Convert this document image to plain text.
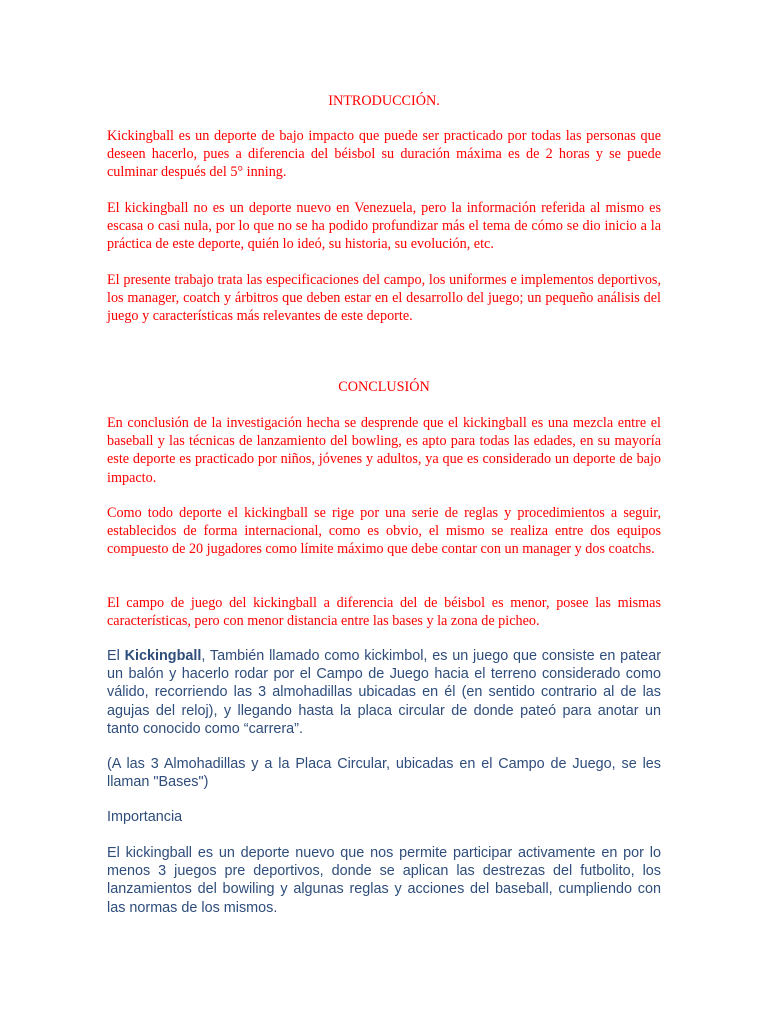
INTRODUCCIÓN.

Kickingball es un deporte de bajo impacto que puede ser practicado por todas las personas que deseen hacerlo, pues a diferencia del béisbol su duración máxima es de 2 horas y se puede culminar después del 5° inning.

El kickingball no es un deporte nuevo en Venezuela, pero la información referida al mismo es escasa o casi nula, por lo que no se ha podido profundizar más el tema de cómo se dio inicio a la práctica de este deporte, quién lo ideó, su historia, su evolución, etc.

El presente trabajo trata las especificaciones del campo, los uniformes e implementos deportivos, los manager, coatch y árbitros que deben estar en el desarrollo del juego; un pequeño análisis del juego y características más relevantes de este deporte.

CONCLUSIÓN

En conclusión de la investigación hecha se desprende que el kickingball es una mezcla entre el baseball y las técnicas de lanzamiento del bowling, es apto para todas las edades, en su mayoría este deporte es practicado por niños, jóvenes y adultos, ya que es considerado un deporte de bajo impacto.

Como todo deporte el kickingball se rige por una serie de reglas y procedimientos a seguir, establecidos de forma internacional, como es obvio, el mismo se realiza entre dos equipos compuesto de 20 jugadores como límite máximo que debe contar con un manager y dos coatchs.

El campo de juego del kickingball a diferencia del de béisbol es menor, posee las mismas características, pero con menor distancia entre las bases y la zona de picheo.

El Kickingball, También llamado como kickimbol, es un juego que consiste en patear un balón y hacerlo rodar por el Campo de Juego hacia el terreno considerado como válido, recorriendo las 3 almohadillas ubicadas en él (en sentido contrario al de las agujas del reloj), y llegando hasta la placa circular de donde pateó para anotar un tanto conocido como “carrera”.

(A las 3 Almohadillas y a la Placa Circular, ubicadas en el Campo de Juego, se les llaman "Bases")

Importancia

El kickingball es un deporte nuevo que nos permite participar activamente en por lo menos 3 juegos pre deportivos, donde se aplican las destrezas del futbolito, los lanzamientos del bowiling y algunas reglas y acciones del baseball, cumpliendo con las normas de los mismos.
